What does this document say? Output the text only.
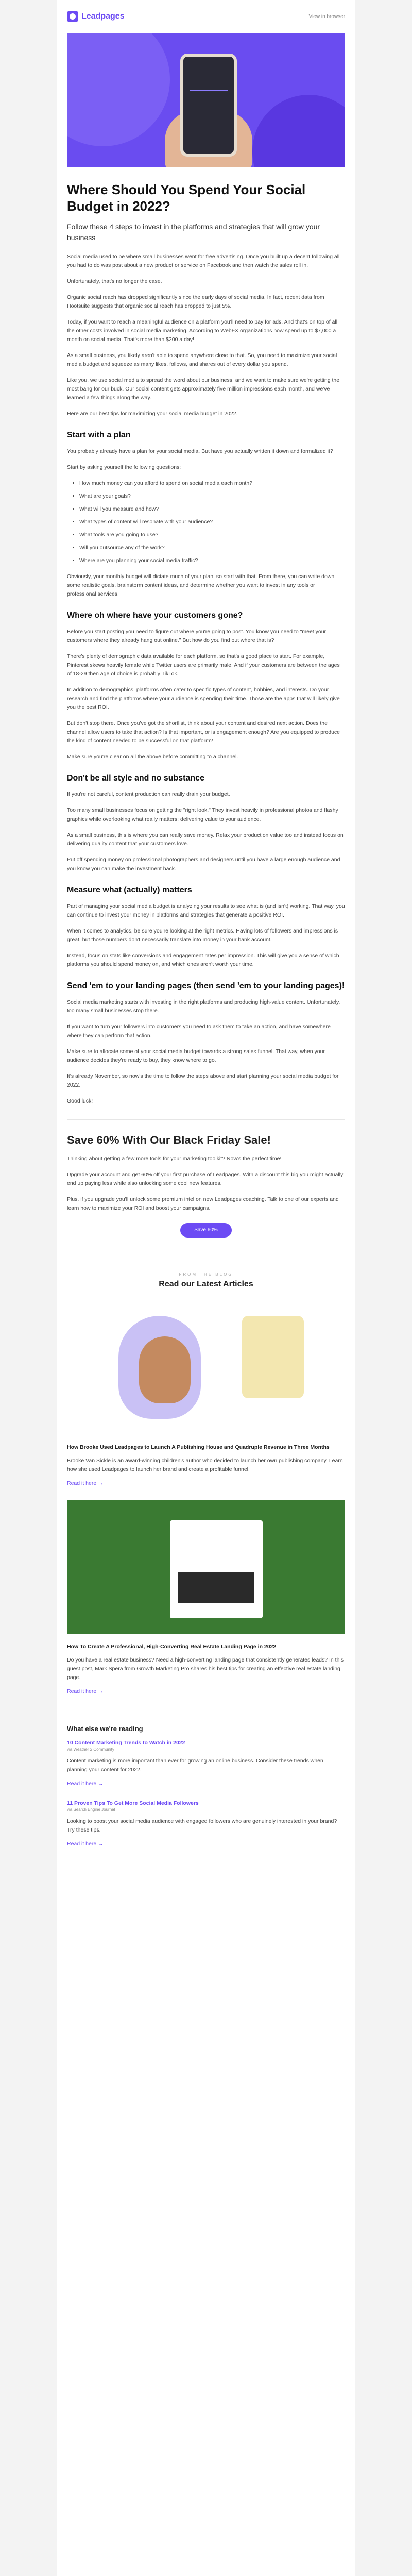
Leadpages	View in browser
Where Should You Spend Your Social Budget in 2022?
Follow these 4 steps to invest in the platforms and strategies that will grow your business

Social media used to be where small businesses went for free advertising. Once you built up a decent following all you had to do was post about a new product or service on Facebook and then watch the sales roll in.

Unfortunately, that's no longer the case.

Organic social reach has dropped significantly since the early days of social media. In fact, recent data from Hootsuite suggests that organic social reach has dropped to just 5%.

Today, if you want to reach a meaningful audience on a platform you'll need to pay for ads. And that's on top of all the other costs involved in social media marketing. According to WebFX organizations now spend up to $7,000 a month on social media. That's more than $200 a day!

As a small business, you likely aren't able to spend anywhere close to that. So, you need to maximize your social media budget and squeeze as many likes, follows, and shares out of every dollar you spend.

Like you, we use social media to spread the word about our business, and we want to make sure we're getting the most bang for our buck. Our social content gets approximately five million impressions each month, and we've learned a few things along the way.

Here are our best tips for maximizing your social media budget in 2022.

Start with a plan

You probably already have a plan for your social media. But have you actually written it down and formalized it?

Start by asking yourself the following questions:

• How much money can you afford to spend on social media each month?
• What are your goals?
• What will you measure and how?
• What types of content will resonate with your audience?
• What tools are you going to use?
• Will you outsource any of the work?
• Where are you planning your social media traffic?

Obviously, your monthly budget will dictate much of your plan, so start with that. From there, you can write down some realistic goals, brainstorm content ideas, and determine whether you want to invest in any tools or professional services.

Where oh where have your customers gone?

Before you start posting you need to figure out where you're going to post. You know you need to "meet your customers where they already hang out online." But how do you find out where that is?

There's plenty of demographic data available for each platform, so that's a good place to start. For example, Pinterest skews heavily female while Twitter users are primarily male. And if your customers are between the ages of 18-29 then age of choice is probably TikTok.

In addition to demographics, platforms often cater to specific types of content, hobbies, and interests. Do your research and find the platforms where your audience is spending their time. Those are the apps that will likely give you the best ROI.

But don't stop there. Once you've got the shortlist, think about your content and desired next action. Does the channel allow users to take that action? Is that important, or is engagement enough? Are you equipped to produce the kind of content needed to be successful on that platform?

Make sure you're clear on all the above before committing to a channel.

Don't be all style and no substance

If you're not careful, content production can really drain your budget.

Too many small businesses focus on getting the "right look." They invest heavily in professional photos and flashy graphics while overlooking what really matters: delivering value to your audience.

As a small business, this is where you can really save money. Relax your production value too and instead focus on delivering quality content that your customers love.

Put off spending money on professional photographers and designers until you have a large enough audience and you know you can make the investment back.

Measure what (actually) matters

Part of managing your social media budget is analyzing your results to see what is (and isn't) working. That way, you can continue to invest your money in platforms and strategies that generate a positive ROI.

When it comes to analytics, be sure you're looking at the right metrics. Having lots of followers and impressions is great, but those numbers don't necessarily translate into money in your bank account.

Instead, focus on stats like conversions and engagement rates per impression. This will give you a sense of which platforms you should spend money on, and which ones aren't worth your time.

Send 'em to your landing pages (then send 'em to your landing pages)!

Social media marketing starts with investing in the right platforms and producing high-value content. Unfortunately, too many small businesses stop there.

If you want to turn your followers into customers you need to ask them to take an action, and have somewhere where they can perform that action.

Make sure to allocate some of your social media budget towards a strong sales funnel. That way, when your audience decides they're ready to buy, they know where to go.

It's already November, so now's the time to follow the steps above and start planning your social media budget for 2022.

Good luck!

Save 60% With Our Black Friday Sale!

Thinking about getting a few more tools for your marketing toolkit? Now's the perfect time!

Upgrade your account and get 60% off your first purchase of Leadpages. With a discount this big you might actually end up paying less while also unlocking some cool new features.

Plus, if you upgrade you'll unlock some premium intel on new Leadpages coaching. Talk to one of our experts and learn how to maximize your ROI and boost your campaigns.

Save 60%
FROM THE BLOG
Read our Latest Articles
How Brooke Used Leadpages to Launch A Publishing House and Quadruple Revenue in Three Months
Brooke Van Sickle is an award-winning children's author who decided to launch her own publishing company. Learn how she used Leadpages to launch her brand and create a profitable funnel.
Read it here →
How To Create A Professional, High-Converting Real Estate Landing Page in 2022
Do you have a real estate business? Need a high-converting landing page that consistently generates leads? In this guest post, Mark Spera from Growth Marketing Pro shares his best tips for creating an effective real estate landing page.
Read it here →
What else we're reading
10 Content Marketing Trends to Watch in 2022
via Weather 2 Community
Content marketing is more important than ever for growing an online business. Consider these trends when planning your content for 2022.
Read it here →
11 Proven Tips To Get More Social Media Followers
via Search Engine Journal
Looking to boost your social media audience with engaged followers who are genuinely interested in your brand? Try these tips.
Read it here →
